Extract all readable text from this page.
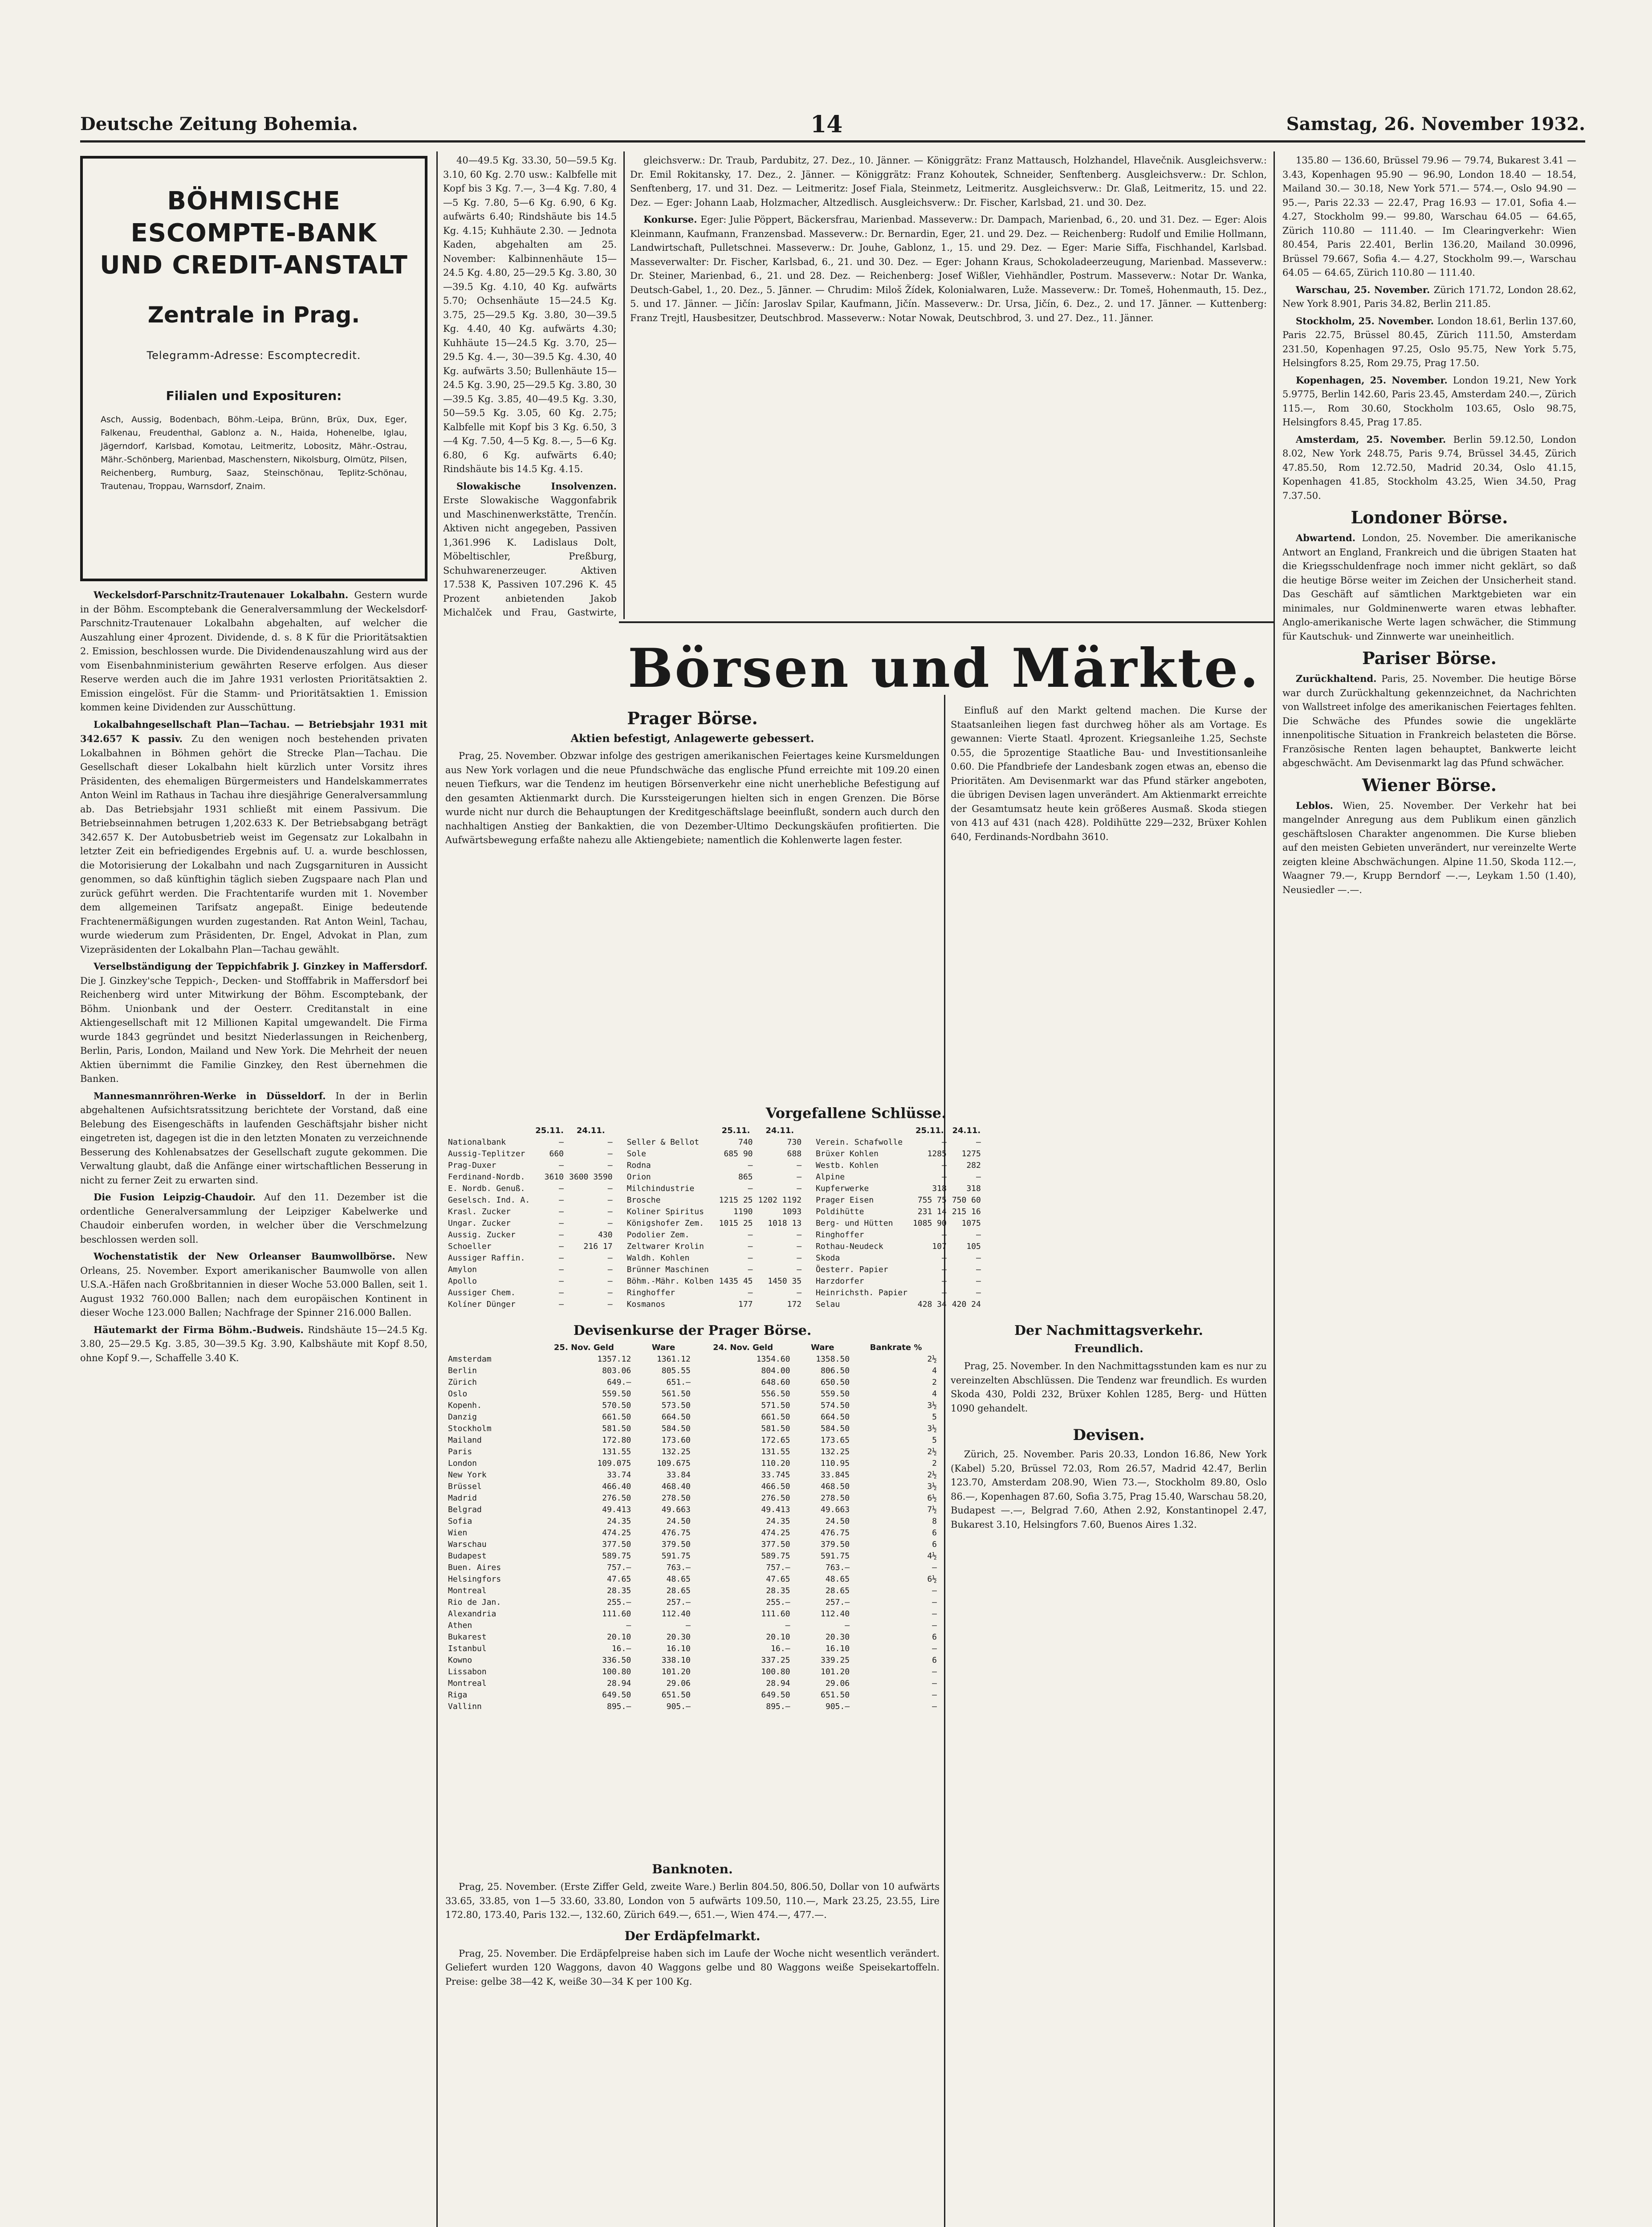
Deutsche Zeitung Bohemia.	14	Samstag, 26. November 1932.
BÖHMISCHE ESCOMPTE-BANK
UND CREDIT-ANSTALT
Zentrale in Prag.
Telegramm-Adresse: Escomptecredit.
Filialen und Exposituren:
Asch, Aussig, Bodenbach, Böhm.-Leipa, Brünn, Brüx, Dux, Eger, Falkenau, Freudenthal, Gablonz a. N., Haida, Hohenelbe, Iglau, Jägerndorf, Karlsbad, Komotau, Leitmeritz, Lobositz, Mähr.-Ostrau, Mähr.-Schönberg, Marienbad, Maschenstern, Nikolsburg, Olmütz, Pilsen, Reichenberg, Rumburg, Saaz, Steinschönau, Teplitz-Schönau, Trautenau, Troppau, Warnsdorf, Znaim.

Weckelsdorf-Parschnitz-Trautenauer Lokalbahn. Gestern wurde in der Böhm. Escomptebank die Generalversammlung der Weckelsdorf-Parschnitz-Trautenauer Lokalbahn abgehalten, auf welcher die Auszahlung einer 4prozent. Dividende, d. s. 8 K für die Prioritätsaktien 2. Emission, beschlossen wurde. Die Dividendenauszahlung wird aus der vom Eisenbahnministerium gewährten Reserve erfolgen. Aus dieser Reserve werden auch die im Jahre 1931 verlosten Prioritätsaktien 2. Emission eingelöst. Für die Stamm- und Prioritätsaktien 1. Emission kommen keine Dividenden zur Ausschüttung.

Lokalbahngesellschaft Plan—Tachau. — Betriebsjahr 1931 mit 342.657 K passiv. Zu den wenigen noch bestehenden privaten Lokalbahnen in Böhmen gehört die Strecke Plan—Tachau. Die Gesellschaft dieser Lokalbahn hielt kürzlich unter Vorsitz ihres Präsidenten, des ehemaligen Bürgermeisters und Handelskammerrates Anton Weinl im Rathaus in Tachau ihre diesjährige Generalversammlung ab. Das Betriebsjahr 1931 schließt mit einem Passivum. Die Betriebseinnahmen betrugen 1,202.633 K. Der Betriebsabgang beträgt 342.657 K. Der Autobusbetrieb weist im Gegensatz zur Lokalbahn in letzter Zeit ein befriedigendes Ergebnis auf. U. a. wurde beschlossen, die Motorisierung der Lokalbahn und nach Zugsgarnituren in Aussicht genommen, so daß künftighin täglich sieben Zugspaare nach Plan und zurück geführt werden. Die Frachtentarife wurden mit 1. November dem allgemeinen Tarifsatz angepaßt. Einige bedeutende Frachtenermäßigungen wurden zugestanden. Rat Anton Weinl, Tachau, wurde wiederum zum Präsidenten, Dr. Engel, Advokat in Plan, zum Vizepräsidenten der Lokalbahn Plan—Tachau gewählt.

Verselbständigung der Teppichfabrik J. Ginzkey in Maffersdorf. Die J. Ginzkey'sche Teppich-, Decken- und Stofffabrik in Maffersdorf bei Reichenberg wird unter Mitwirkung der Böhm. Escomptebank, der Böhm. Unionbank und der Oesterr. Creditanstalt in eine Aktiengesellschaft mit 12 Millionen Kapital umgewandelt. Die Firma wurde 1843 gegründet und besitzt Niederlassungen in Reichenberg, Berlin, Paris, London, Mailand und New York. Die Mehrheit der neuen Aktien übernimmt die Familie Ginzkey, den Rest übernehmen die Banken.

Mannesmannröhren-Werke in Düsseldorf. In der in Berlin abgehaltenen Aufsichtsratssitzung berichtete der Vorstand, daß eine Belebung des Eisengeschäfts in laufenden Geschäftsjahr bisher nicht eingetreten ist, dagegen ist die in den letzten Monaten zu verzeichnende Besserung des Kohlenabsatzes der Gesellschaft zugute gekommen. Die Verwaltung glaubt, daß die Anfänge einer wirtschaftlichen Besserung in nicht zu ferner Zeit zu erwarten sind.

Die Fusion Leipzig-Chaudoir. Auf den 11. Dezember ist die ordentliche Generalversammlung der Leipziger Kabelwerke und Chaudoir einberufen worden, in welcher über die Verschmelzung beschlossen werden soll.

Wochenstatistik der New Orleanser Baumwollbörse. New Orleans, 25. November. Export amerikanischer Baumwolle von allen U.S.A.-Häfen nach Großbritannien in dieser Woche 53.000 Ballen, seit 1. August 1932 760.000 Ballen; nach dem europäischen Kontinent in dieser Woche 123.000 Ballen; Nachfrage der Spinner 216.000 Ballen.

Häutemarkt der Firma Böhm.-Budweis. Rindshäute 15—24.5 Kg. 3.80, 25—29.5 Kg. 3.85, 30—39.5 Kg. 3.90, Kalbshäute mit Kopf 8.50, ohne Kopf 9.—, Schaffelle 3.40 K.

40—49.5 Kg. 33.30, 50—59.5 Kg. 3.10, 60 Kg. 2.70 usw.: Kalbfelle mit Kopf bis 3 Kg. 7.—, 3—4 Kg. 7.80, 4—5 Kg. 7.80, 5—6 Kg. 6.90, 6 Kg. aufwärts 6.40; Rindshäute bis 14.5 Kg. 4.15; Kuhhäute 2.30. — Jednota Kaden, abgehalten am 25. November: Kalbinnenhäute 15—24.5 Kg. 4.80, 25—29.5 Kg. 3.80, 30—39.5 Kg. 4.10, 40 Kg. aufwärts 5.70; Ochsenhäute 15—24.5 Kg. 3.75, 25—29.5 Kg. 3.80, 30—39.5 Kg. 4.40, 40 Kg. aufwärts 4.30; Kuhhäute 15—24.5 Kg. 3.70, 25—29.5 Kg. 4.—, 30—39.5 Kg. 4.30, 40 Kg. aufwärts 3.50; Bullenhäute 15—24.5 Kg. 3.90, 25—29.5 Kg. 3.80, 30—39.5 Kg. 3.85, 40—49.5 Kg. 3.30, 50—59.5 Kg. 3.05, 60 Kg. 2.75; Kalbfelle mit Kopf bis 3 Kg. 6.50, 3—4 Kg. 7.50, 4—5 Kg. 8.—, 5—6 Kg. 6.80, 6 Kg. aufwärts 6.40; Rindshäute bis 14.5 Kg. 4.15.

Slowakische Insolvenzen. Erste Slowakische Waggonfabrik und Maschinenwerkstätte, Trenčín. Aktiven nicht angegeben, Passiven 1,361.996 K. Ladislaus Dolt, Möbeltischler, Preßburg, Schuhwarenerzeuger. Aktiven 17.538 K, Passiven 107.296 K. 45 Prozent anbietenden Jakob Michalček und Frau, Gastwirte,

gleichsverw.: Dr. Traub, Pardubitz, 27. Dez., 10. Jänner. — Königgrätz: Franz Mattausch, Holzhandel, Hlavečnik. Ausgleichsverw.: Dr. Emil Rokitansky, 17. Dez., 2. Jänner. — Königgrätz: Franz Kohoutek, Schneider, Senftenberg. Ausgleichsverw.: Dr. Schlon, Senftenberg, 17. und 31. Dez. — Leitmeritz: Josef Fiala, Steinmetz, Leitmeritz. Ausgleichsverw.: Dr. Glaß, Leitmeritz, 15. und 22. Dez. — Eger: Johann Laab, Holzmacher, Altzedlisch. Ausgleichsverw.: Dr. Fischer, Karlsbad, 21. und 30. Dez.

Konkurse. Eger: Julie Pöppert, Bäckersfrau, Marienbad. Masseverw.: Dr. Dampach, Marienbad, 6., 20. und 31. Dez. — Eger: Alois Kleinmann, Kaufmann, Franzensbad. Masseverw.: Dr. Bernardin, Eger, 21. und 29. Dez. — Reichenberg: Rudolf und Emilie Hollmann, Landwirtschaft, Pulletschnei. Masseverw.: Dr. Jouhe, Gablonz, 1., 15. und 29. Dez. — Eger: Marie Siffa, Fischhandel, Karlsbad. Masseverwalter: Dr. Fischer, Karlsbad, 6., 21. und 30. Dez. — Eger: Johann Kraus, Schokoladeerzeugung, Marienbad. Masseverw.: Dr. Steiner, Marienbad, 6., 21. und 28. Dez. — Reichenberg: Josef Wißler, Viehhändler, Postrum. Masseverw.: Notar Dr. Wanka, Deutsch-Gabel, 1., 20. Dez., 5. Jänner. — Chrudim: Miloš Žídek, Kolonialwaren, Luže. Masseverw.: Dr. Tomeš, Hohenmauth, 15. Dez., 5. und 17. Jänner. — Jičín: Jaroslav Spilar, Kaufmann, Jičín. Masseverw.: Dr. Ursa, Jičín, 6. Dez., 2. und 17. Jänner. — Kuttenberg: Franz Trejtl, Hausbesitzer, Deutschbrod. Masseverw.: Notar Nowak, Deutschbrod, 3. und 27. Dez., 11. Jänner.

135.80 — 136.60, Brüssel 79.96 — 79.74, Bukarest 3.41 — 3.43, Kopenhagen 95.90 — 96.90, London 18.40 — 18.54, Mailand 30.— 30.18, New York 571.— 574.—, Oslo 94.90 — 95.—, Paris 22.33 — 22.47, Prag 16.93 — 17.01, Sofia 4.— 4.27, Stockholm 99.— 99.80, Warschau 64.05 — 64.65, Zürich 110.80 — 111.40. — Im Clearingverkehr: Wien 80.454, Paris 22.401, Berlin 136.20, Mailand 30.0996, Brüssel 79.667, Sofia 4.— 4.27, Stockholm 99.—, Warschau 64.05 — 64.65, Zürich 110.80 — 111.40.

Warschau, 25. November. Zürich 171.72, London 28.62, New York 8.901, Paris 34.82, Berlin 211.85.

Stockholm, 25. November. London 18.61, Berlin 137.60, Paris 22.75, Brüssel 80.45, Zürich 111.50, Amsterdam 231.50, Kopenhagen 97.25, Oslo 95.75, New York 5.75, Helsingfors 8.25, Rom 29.75, Prag 17.50.

Kopenhagen, 25. November. London 19.21, New York 5.9775, Berlin 142.60, Paris 23.45, Amsterdam 240.—, Zürich 115.—, Rom 30.60, Stockholm 103.65, Oslo 98.75, Helsingfors 8.45, Prag 17.85.

Amsterdam, 25. November. Berlin 59.12.50, London 8.02, New York 248.75, Paris 9.74, Brüssel 34.45, Zürich 47.85.50, Rom 12.72.50, Madrid 20.34, Oslo 41.15, Kopenhagen 41.85, Stockholm 43.25, Wien 34.50, Prag 7.37.50.

Londoner Börse.

Abwartend. London, 25. November. Die amerikanische Antwort an England, Frankreich und die übrigen Staaten hat die Kriegsschuldenfrage noch immer nicht geklärt, so daß die heutige Börse weiter im Zeichen der Unsicherheit stand. Das Geschäft auf sämtlichen Marktgebieten war ein minimales, nur Goldminenwerte waren etwas lebhafter. Anglo-amerikanische Werte lagen schwächer, die Stimmung für Kautschuk- und Zinnwerte war uneinheitlich.

Pariser Börse.

Zurückhaltend. Paris, 25. November. Die heutige Börse war durch Zurückhaltung gekennzeichnet, da Nachrichten von Wallstreet infolge des amerikanischen Feiertages fehlten. Die Schwäche des Pfundes sowie die ungeklärte innenpolitische Situation in Frankreich belasteten die Börse. Französische Renten lagen behauptet, Bankwerte leicht abgeschwächt. Am Devisenmarkt lag das Pfund schwächer.

Wiener Börse.

Leblos. Wien, 25. November. Der Verkehr hat bei mangelnder Anregung aus dem Publikum einen gänzlich geschäftslosen Charakter angenommen. Die Kurse blieben auf den meisten Gebieten unverändert, nur vereinzelte Werte zeigten kleine Abschwächungen. Alpine 11.50, Skoda 112.—, Waagner 79.—, Krupp Berndorf —.—, Leykam 1.50 (1.40), Neusiedler —.—.

Börsen und Märkte.
Prager Börse.
Aktien befestigt, Anlagewerte gebessert.

Prag, 25. November. Obzwar infolge des gestrigen amerikanischen Feiertages keine Kursmeldungen aus New York vorlagen und die neue Pfundschwäche das englische Pfund erreichte mit 109.20 einen neuen Tiefkurs, war die Tendenz im heutigen Börsenverkehr eine nicht unerhebliche Befestigung auf den gesamten Aktienmarkt durch. Die Kurssteigerungen hielten sich in engen Grenzen. Die Börse wurde nicht nur durch die Behauptungen der Kreditgeschäftslage beeinflußt, sondern auch durch den nachhaltigen Anstieg der Bankaktien, die von Dezember-Ultimo Deckungskäufen profitierten. Die Aufwärtsbewegung erfaßte nahezu alle Aktiengebiete; namentlich die Kohlenwerte lagen fester.

Einfluß auf den Markt geltend machen. Die Kurse der Staatsanleihen liegen fast durchweg höher als am Vortage. Es gewannen: Vierte Staatl. 4prozent. Kriegsanleihe 1.25, Sechste 0.55, die 5prozentige Staatliche Bau- und Investitionsanleihe 0.60. Die Pfandbriefe der Landesbank zogen etwas an, ebenso die Prioritäten. Am Devisenmarkt war das Pfund stärker angeboten, die übrigen Devisen lagen unverändert. Am Aktienmarkt erreichte der Gesamtumsatz heute kein größeres Ausmaß. Skoda stiegen von 413 auf 431 (nach 428). Poldihütte 229—232, Brüxer Kohlen 640, Ferdinands-Nordbahn 3610.

Vorgefallene Schlüsse.
	25.11.	24.11.
Nationalbank	—	—
Aussig-Teplitzer	660	—
Prag-Duxer	—	—
Ferdinand-Nordb.	3610	3600 3590
E. Nordb. Genuß.	—	—
Geselsch. Ind. A.	—	—
Krasl. Zucker	—	—
Ungar. Zucker	—	—
Aussig. Zucker	—	430
Schoeller	—	216 17
Aussiger Raffin.	—	—
Amylon	—	—
Apollo	—	—
Aussiger Chem.	—	—
Kolíner Dünger	—	—
	25.11.	24.11.
Seller & Bellot	740	730
Sole	685 90	688
Rodna	—	—
Orion	865	—
Milchindustrie	—	—
Brosche	1215 25	1202 1192
Koliner Spiritus	1190	1093
Königshofer Zem.	1015 25	1018 13
Podolier Zem.	—	—
Zeltwarer Krolin	—	—
Waldh. Kohlen	—	—
Brünner Maschinen	—	—
Böhm.-Mähr. Kolben	1435 45	1450 35
Ringhoffer	—	—
Kosmanos	177	172
	25.11.	24.11.
Verein. Schafwolle	—	—
Brüxer Kohlen	1285	1275
Westb. Kohlen	—	282
Alpine	—	—
Kupferwerke	318	318
Prager Eisen	755 75	750 60
Poldihütte	231 14	215 16
Berg- und Hütten	1085 90	1075
Ringhoffer	—	—
Rothau-Neudeck	107	105
Skoda	—	—
Öesterr. Papier	—	—
Harzdorfer	—	—
Heinrichsth. Papier	—	—
Selau	428 34	420 24
Devisenkurse der Prager Börse.
	25. Nov. Geld	Ware	24. Nov. Geld	Ware	Bankrate %
Amsterdam	1357.12	1361.12	1354.60	1358.50	2½
Berlin	803.06	805.55	804.00	806.50	4
Zürich	649.—	651.—	648.60	650.50	2
Oslo	559.50	561.50	556.50	559.50	4
Kopenh.	570.50	573.50	571.50	574.50	3½
Danzig	661.50	664.50	661.50	664.50	5
Stockholm	581.50	584.50	581.50	584.50	3½
Mailand	172.80	173.60	172.65	173.65	5
Paris	131.55	132.25	131.55	132.25	2½
London	109.075	109.675	110.20	110.95	2
New York	33.74	33.84	33.745	33.845	2½
Brüssel	466.40	468.40	466.50	468.50	3½
Madrid	276.50	278.50	276.50	278.50	6½
Belgrad	49.413	49.663	49.413	49.663	7½
Sofia	24.35	24.50	24.35	24.50	8
Wien	474.25	476.75	474.25	476.75	6
Warschau	377.50	379.50	377.50	379.50	6
Budapest	589.75	591.75	589.75	591.75	4½
Buen. Aires	757.—	763.—	757.—	763.—	—
Helsingfors	47.65	48.65	47.65	48.65	6½
Montreal	28.35	28.65	28.35	28.65	—
Rio de Jan.	255.—	257.—	255.—	257.—	—
Alexandria	111.60	112.40	111.60	112.40	—
Athen	—	—	—	—	—
Bukarest	20.10	20.30	20.10	20.30	6
Istanbul	16.—	16.10	16.—	16.10	—
Kowno	336.50	338.10	337.25	339.25	6
Lissabon	100.80	101.20	100.80	101.20	—
Montreal	28.94	29.06	28.94	29.06	—
Riga	649.50	651.50	649.50	651.50	—
Vallinn	895.—	905.—	895.—	905.—	—
Banknoten.

Prag, 25. November. (Erste Ziffer Geld, zweite Ware.) Berlin 804.50, 806.50, Dollar von 10 aufwärts 33.65, 33.85, von 1—5 33.60, 33.80, London von 5 aufwärts 109.50, 110.—, Mark 23.25, 23.55, Lire 172.80, 173.40, Paris 132.—, 132.60, Zürich 649.—, 651.—, Wien 474.—, 477.—.

Der Erdäpfelmarkt.

Prag, 25. November. Die Erdäpfelpreise haben sich im Laufe der Woche nicht wesentlich verändert. Geliefert wurden 120 Waggons, davon 40 Waggons gelbe und 80 Waggons weiße Speisekartoffeln. Preise: gelbe 38—42 K, weiße 30—34 K per 100 Kg.

Der Nachmittagsverkehr.
Freundlich.

Prag, 25. November. In den Nachmittagsstunden kam es nur zu vereinzelten Abschlüssen. Die Tendenz war freundlich. Es wurden Skoda 430, Poldi 232, Brüxer Kohlen 1285, Berg- und Hütten 1090 gehandelt.

Devisen.

Zürich, 25. November. Paris 20.33, London 16.86, New York (Kabel) 5.20, Brüssel 72.03, Rom 26.57, Madrid 42.47, Berlin 123.70, Amsterdam 208.90, Wien 73.—, Stockholm 89.80, Oslo 86.—, Kopenhagen 87.60, Sofia 3.75, Prag 15.40, Warschau 58.20, Budapest —.—, Belgrad 7.60, Athen 2.92, Konstantinopel 2.47, Bukarest 3.10, Helsingfors 7.60, Buenos Aires 1.32.
